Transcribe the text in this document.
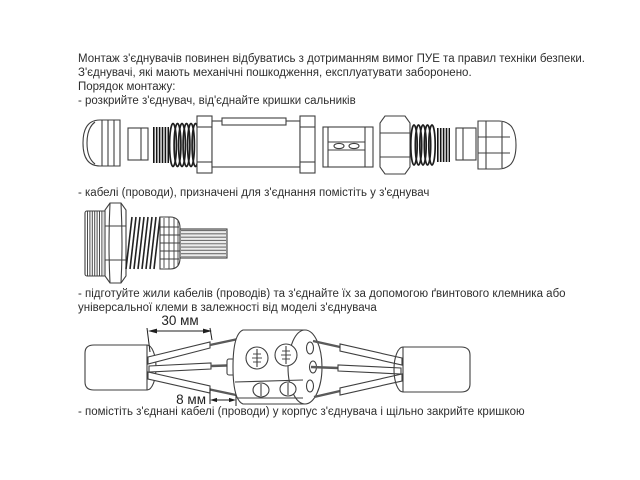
Монтаж з'єднувачів повинен відбуватись з дотриманням вимог ПУЕ та правил техніки безпеки.
З'єднувачі, які мають механічні пошкодження, експлуатувати заборонено.
Порядок монтажу:
- розкрийте з'єднувач, від'єднайте кришки сальників
- кабелі (проводи), призначені для з'єднання помістіть у з'єднувач
- підготуйте жили кабелів (проводів) та з'єднайте їх за допомогою ґвинтового клемника або
універсальної клеми в залежності від моделі з'єднувача
30 мм
8 мм
- помістіть з'єднані кабелі (проводи) у корпус з'єднувача і щільно закрийте кришкою
